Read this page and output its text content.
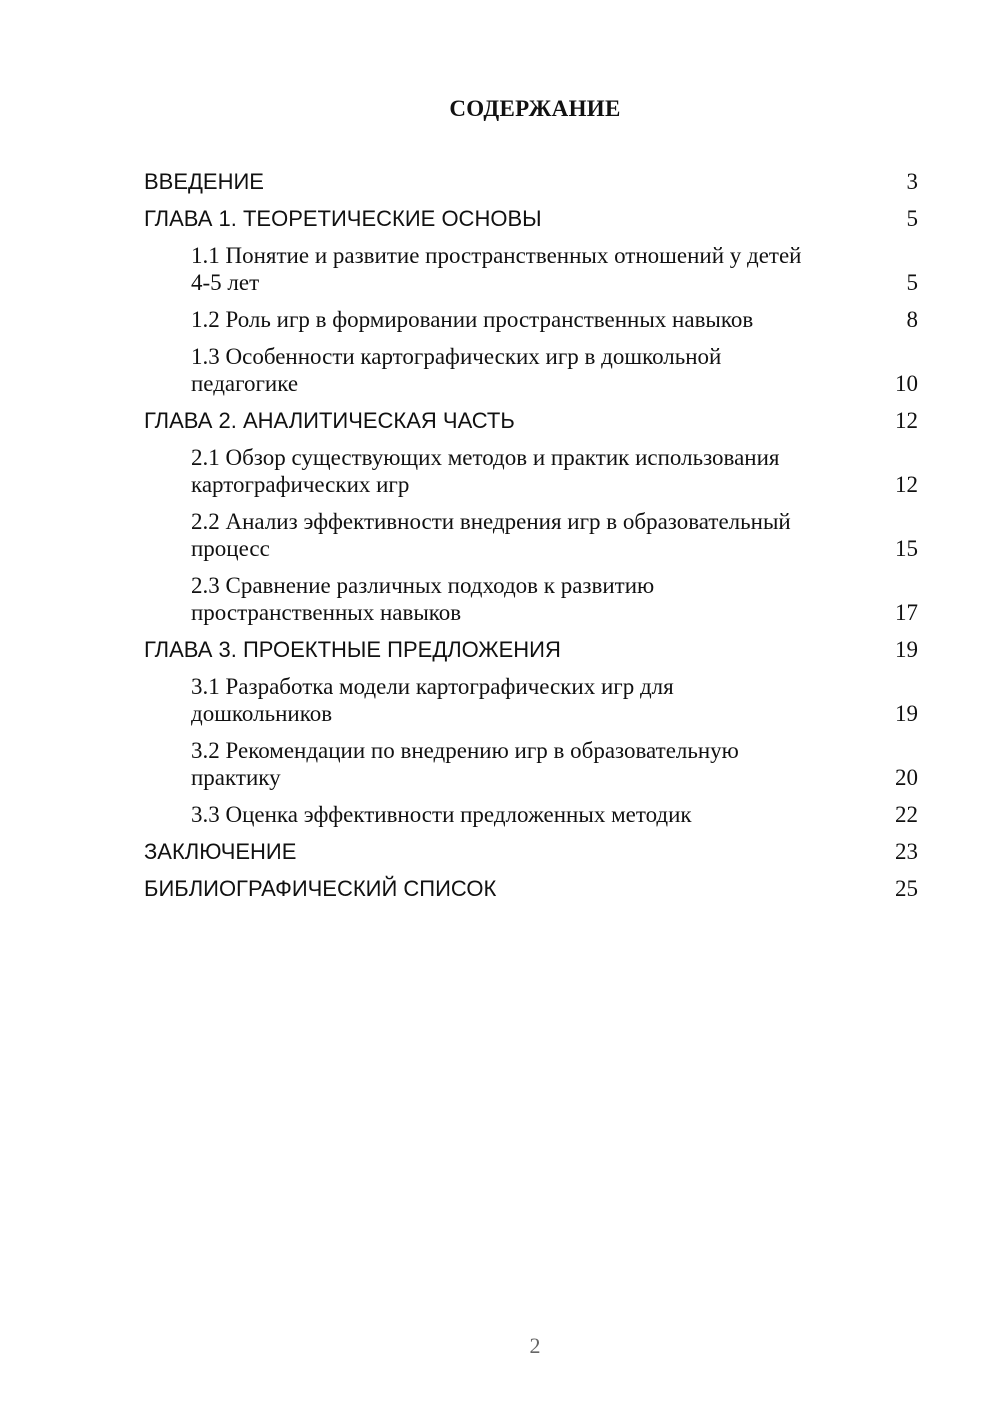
СОДЕРЖАНИЕ
ВВЕДЕНИЕ	3
ГЛАВА 1. ТЕОРЕТИЧЕСКИЕ ОСНОВЫ	5
1.1 Понятие и развитие пространственных отношений у детей 4-5 лет	5
1.2 Роль игр в формировании пространственных навыков	8
1.3 Особенности картографических игр в дошкольной педагогике	10
ГЛАВА 2. АНАЛИТИЧЕСКАЯ ЧАСТЬ	12
2.1 Обзор существующих методов и практик использования картографических игр	12
2.2 Анализ эффективности внедрения игр в образовательный процесс	15
2.3 Сравнение различных подходов к развитию пространственных навыков	17
ГЛАВА 3. ПРОЕКТНЫЕ ПРЕДЛОЖЕНИЯ	19
3.1 Разработка модели картографических игр для дошкольников	19
3.2 Рекомендации по внедрению игр в образовательную практику	20
3.3 Оценка эффективности предложенных методик	22
ЗАКЛЮЧЕНИЕ	23
БИБЛИОГРАФИЧЕСКИЙ СПИСОК	25
2
